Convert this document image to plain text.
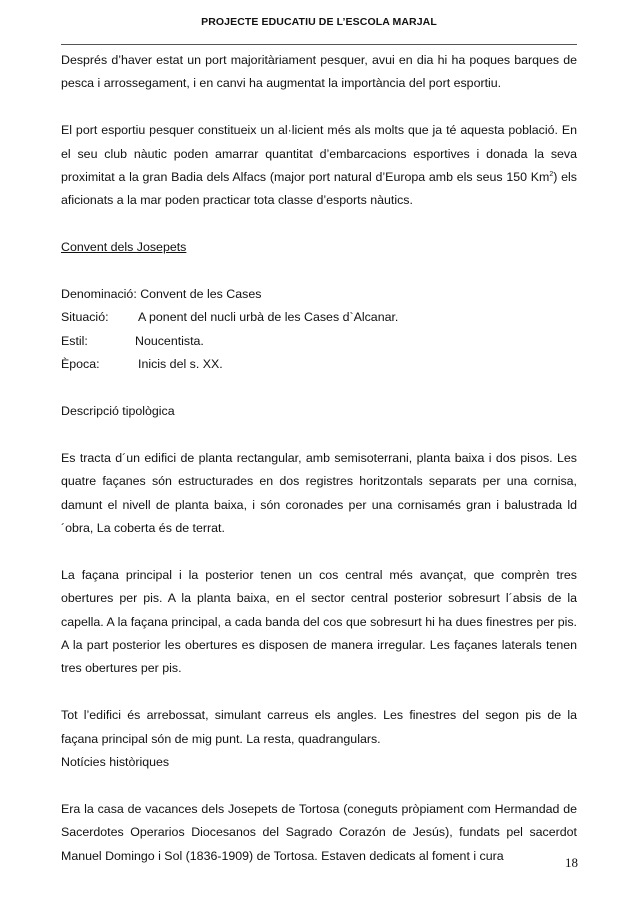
PROJECTE EDUCATIU DE L’ESCOLA MARJAL

Després d’haver estat un port majoritàriament pesquer, avui en dia hi ha poques barques de pesca i arrossegament, i en canvi ha augmentat la importància del port esportiu.

El port esportiu pesquer constitueix un al·licient més als molts que ja té aquesta població. En el seu club nàutic poden amarrar quantitat d’embarcacions esportives i donada la seva proximitat a la gran Badia dels Alfacs (major port natural d’Europa amb els seus 150 Km$^2$) els aficionats a la mar poden practicar tota classe d’esports nàutics.

Convent dels Josepets

Denominació: Convent de les Cases

Situació:	A ponent del nucli urbà de les Cases d`Alcanar.
Estil:	Noucentista.
Època:	Inicis del s. XX.

Descripció tipològica

Es tracta d´un edifici de planta rectangular, amb semisoterrani, planta baixa i dos pisos. Les quatre façanes són estructurades en dos registres horitzontals separats per una cornisa, damunt el nivell de planta baixa, i són coronades per una cornisamés gran i balustrada ld´obra, La coberta és de terrat.

La façana principal i la posterior tenen un cos central més avançat, que comprèn tres obertures per pis. A la planta baixa, en el sector central posterior sobresurt l´absis de la capella. A la façana principal, a cada banda del cos que sobresurt hi ha dues finestres per pis. A la part posterior les obertures es disposen de manera irregular. Les façanes laterals tenen tres obertures per pis.

Tot l’edifici és arrebossat, simulant carreus els angles. Les finestres del segon pis de la façana principal són de mig punt. La resta, quadrangulars.

Notícies històriques

Era la casa de vacances dels Josepets de Tortosa (coneguts pròpiament com Hermandad de Sacerdotes Operarios Diocesanos del Sagrado Corazón de Jesús), fundats pel sacerdot Manuel Domingo i Sol (1836-1909) de Tortosa. Estaven dedicats al foment i cura	18
